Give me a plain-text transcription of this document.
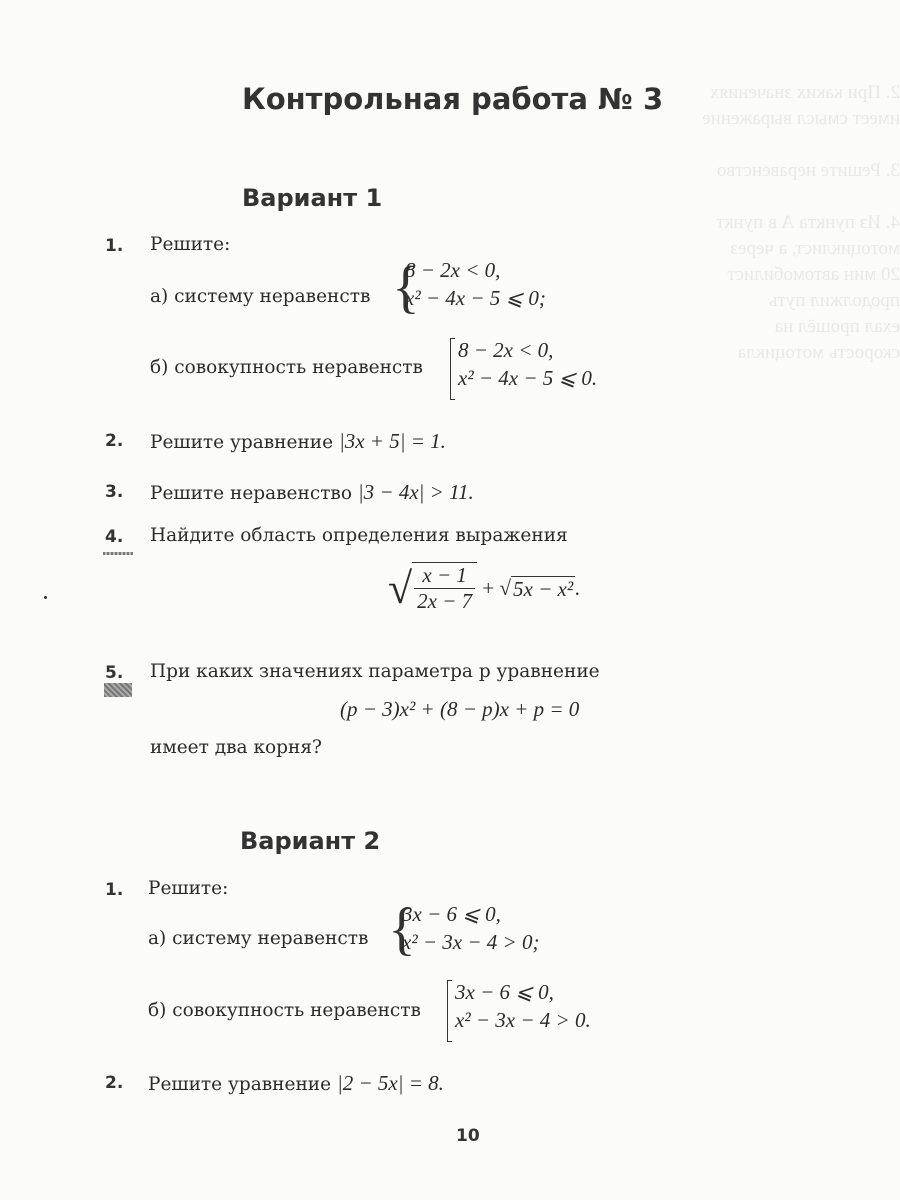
2. При каких значениях
имеет смысл выражение

3. Решите неравенство

4. Из пункта A в пункт
мотоциклист, а через
20 мин автомобилист
продолжил путь
ехал прошёл на
скорость мотоцикла
Контрольная работа № 3
Вариант 1
1. Решите:
а) систему неравенств {
8 − 2x < 0,
x² − 4x − 5 ⩽ 0;
б) совокупность неравенств
8 − 2x < 0,
x² − 4x − 5 ⩽ 0.
2. Решите уравнение |3x + 5| = 1.
3. Решите неравенство |3 − 4x| > 11.
4. Найдите область определения выражения
√ $\frac{x - 1}{2x - 7} + √5x - x^2$.
5. При каких значениях параметра p уравнение
(p − 3)x² + (8 − p)x + p = 0
имеет два корня?
Вариант 2
1. Решите:
а) систему неравенств {
3x − 6 ⩽ 0,
x² − 3x − 4 > 0;
б) совокупность неравенств
3x − 6 ⩽ 0,
x² − 3x − 4 > 0.
2. Решите уравнение |2 − 5x| = 8.
10
